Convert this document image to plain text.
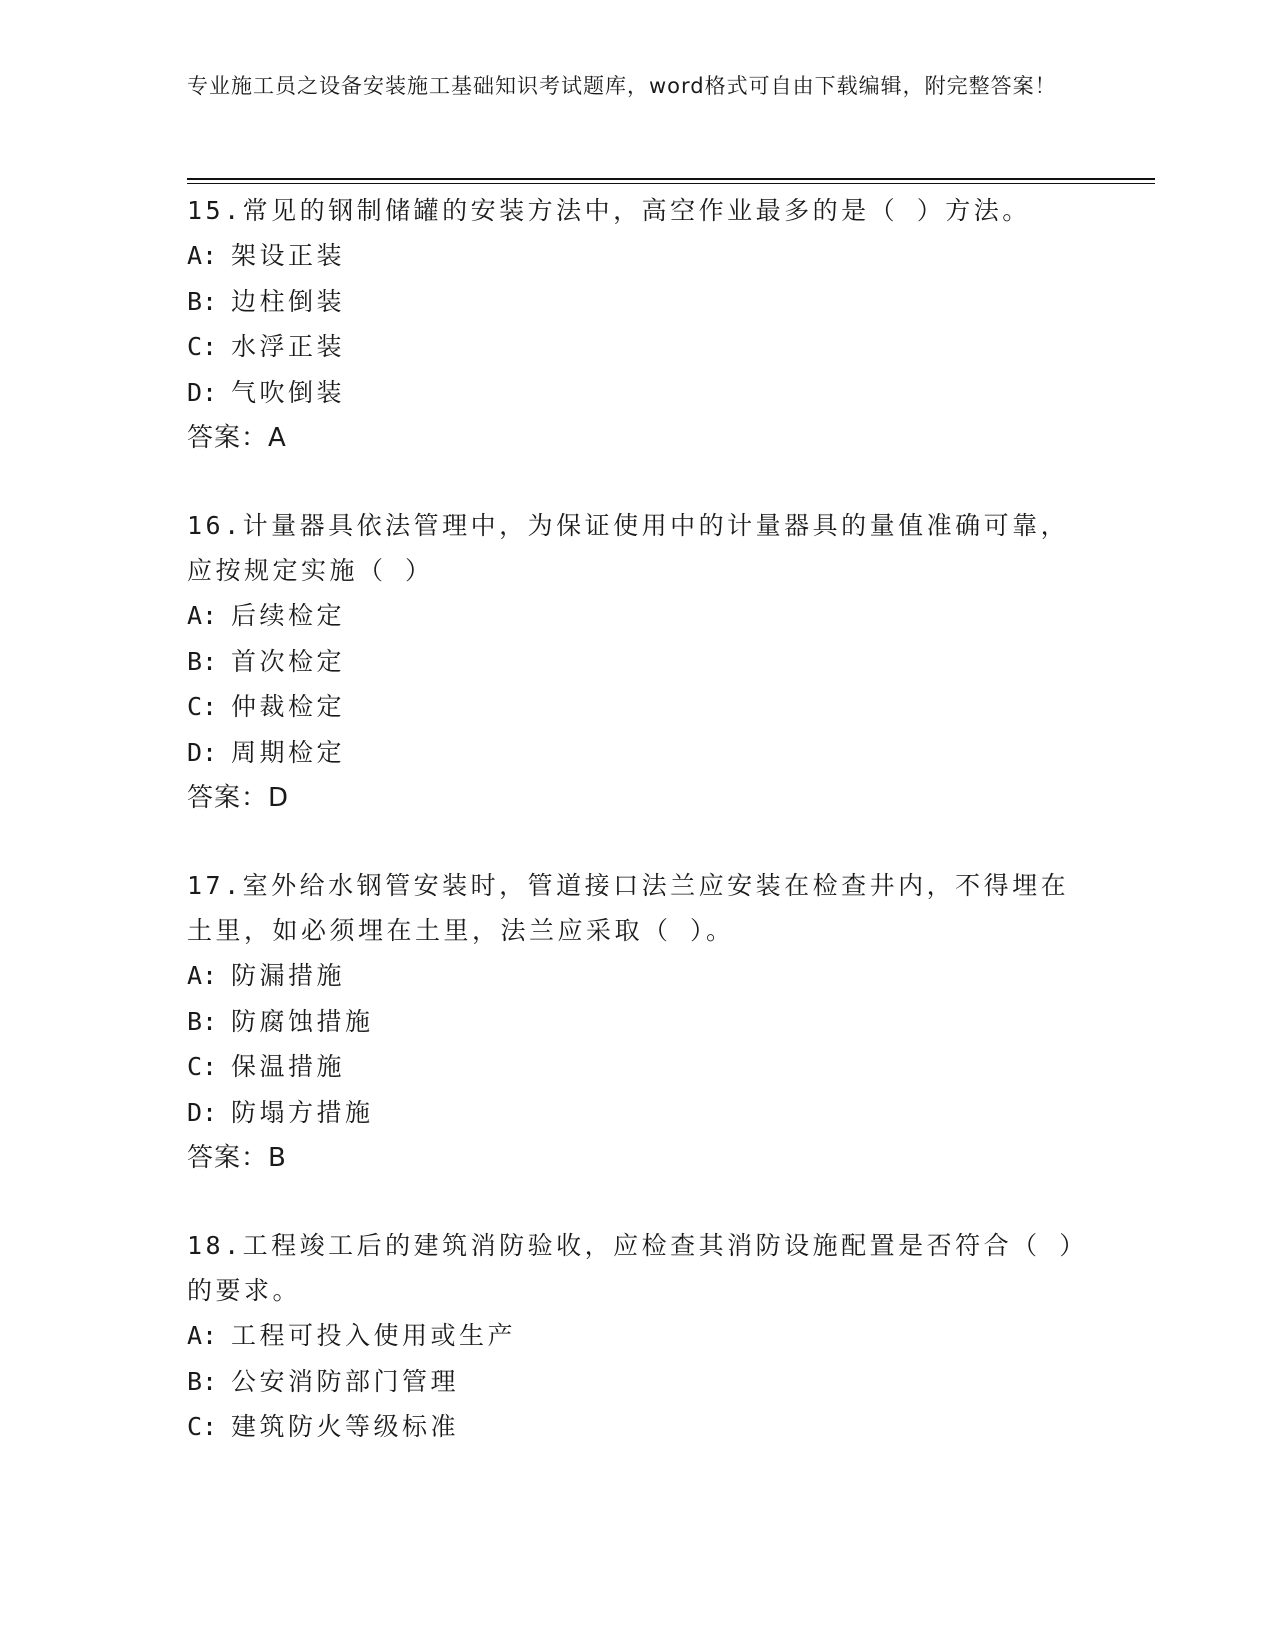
专业施工员之设备安装施工基础知识考试题库，word格式可自由下载编辑，附完整答案！
15.常见的钢制储罐的安装方法中，高空作业最多的是（ ）方法。
A: 架设正装
B: 边柱倒装
C: 水浮正装
D: 气吹倒装
答案：A
16.计量器具依法管理中，为保证使用中的计量器具的量值准确可靠，应按规定实施（ ）
A: 后续检定
B: 首次检定
C: 仲裁检定
D: 周期检定
答案：D
17.室外给水钢管安装时，管道接口法兰应安装在检查井内，不得埋在土里，如必须埋在土里，法兰应采取（ ）。
A: 防漏措施
B: 防腐蚀措施
C: 保温措施
D: 防塌方措施
答案：B
18.工程竣工后的建筑消防验收，应检查其消防设施配置是否符合（ ）的要求。
A: 工程可投入使用或生产
B: 公安消防部门管理
C: 建筑防火等级标准
